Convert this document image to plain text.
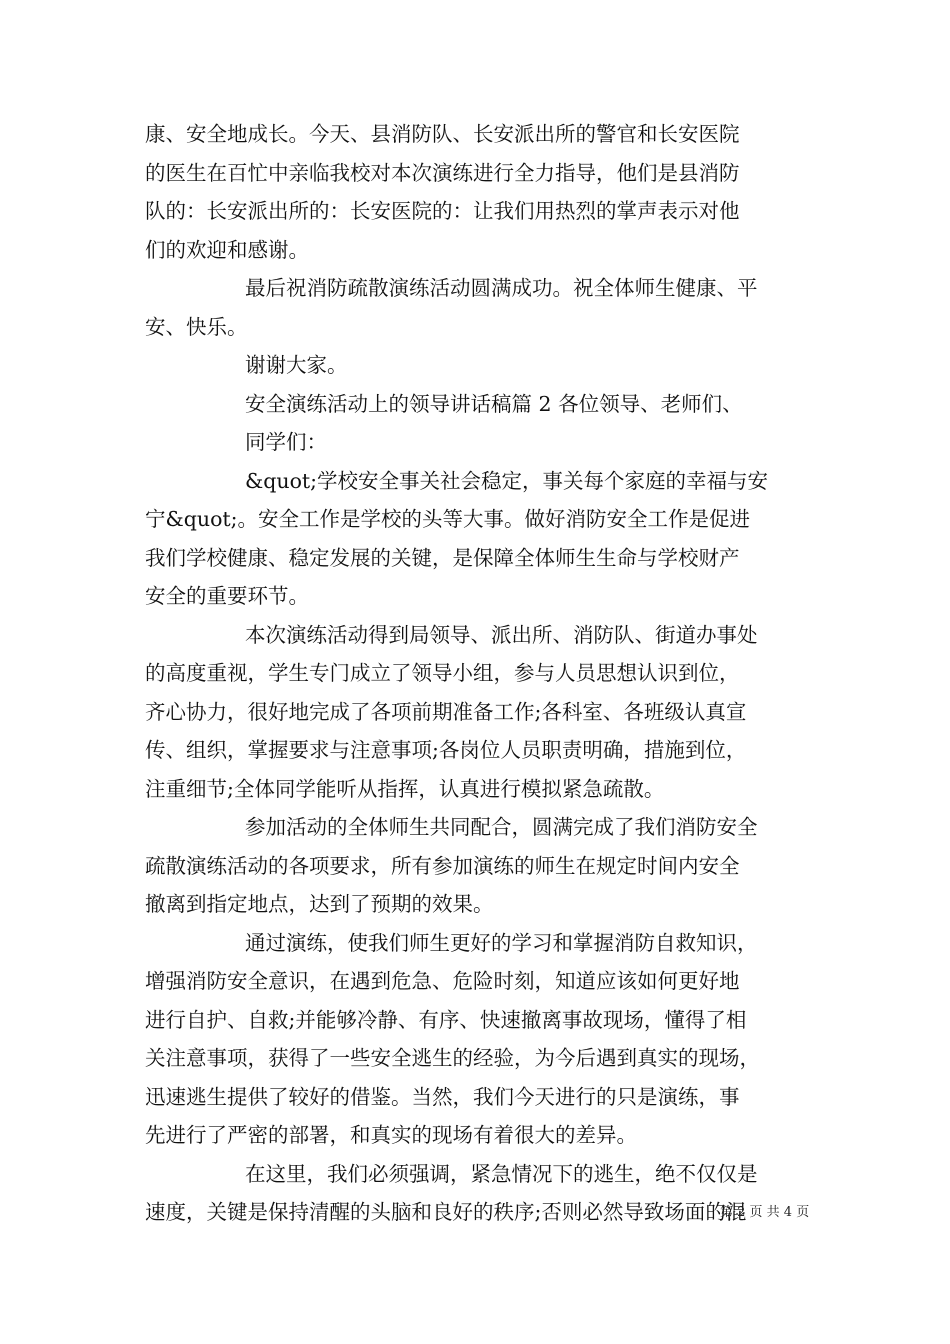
康、安全地成长。今天、县消防队、长安派出所的警官和长安医院
的医生在百忙中亲临我校对本次演练进行全力指导，他们是县消防
队的：长安派出所的：长安医院的：让我们用热烈的掌声表示对他
们的欢迎和感谢。
最后祝消防疏散演练活动圆满成功。祝全体师生健康、平
安、快乐。
谢谢大家。
安全演练活动上的领导讲话稿篇 2 各位领导、老师们、
同学们：
&quot;学校安全事关社会稳定，事关每个家庭的幸福与安
宁&quot;。安全工作是学校的头等大事。做好消防安全工作是促进
我们学校健康、稳定发展的关键，是保障全体师生生命与学校财产
安全的重要环节。
本次演练活动得到局领导、派出所、消防队、街道办事处
的高度重视，学生专门成立了领导小组，参与人员思想认识到位，
齐心协力，很好地完成了各项前期准备工作;各科室、各班级认真宣
传、组织，掌握要求与注意事项;各岗位人员职责明确，措施到位，
注重细节;全体同学能听从指挥，认真进行模拟紧急疏散。
参加活动的全体师生共同配合，圆满完成了我们消防安全
疏散演练活动的各项要求，所有参加演练的师生在规定时间内安全
撤离到指定地点，达到了预期的效果。
通过演练，使我们师生更好的学习和掌握消防自救知识，
增强消防安全意识，在遇到危急、危险时刻，知道应该如何更好地
进行自护、自救;并能够冷静、有序、快速撤离事故现场，懂得了相
关注意事项，获得了一些安全逃生的经验，为今后遇到真实的现场，
迅速逃生提供了较好的借鉴。当然，我们今天进行的只是演练，事
先进行了严密的部署，和真实的现场有着很大的差异。
在这里，我们必须强调，紧急情况下的逃生，绝不仅仅是
速度，关键是保持清醒的头脑和良好的秩序;否则必然导致场面的混
第 2 页 共 4 页
